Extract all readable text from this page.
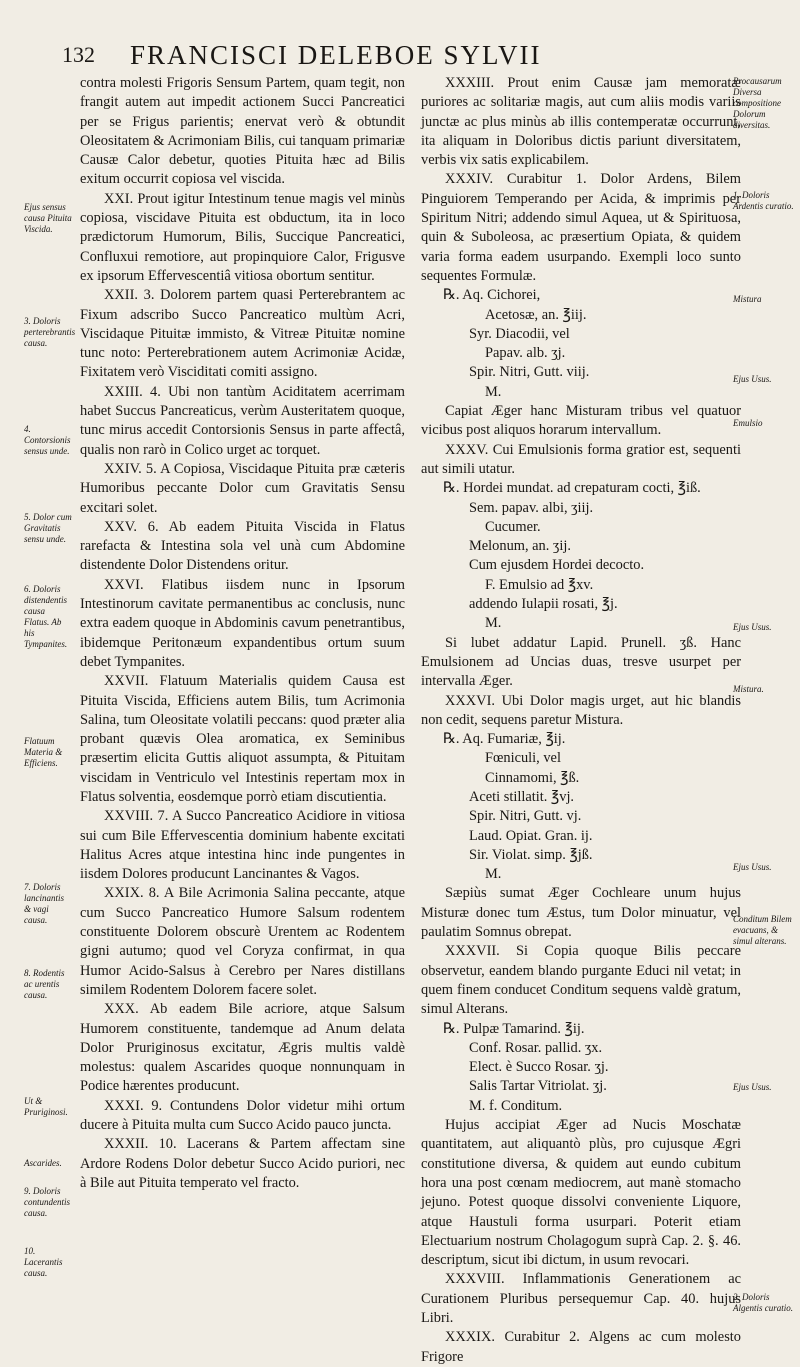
132 FRANCISCI DELEBOE SYLVII

contra molesti Frigoris Sensum Partem, quam tegit, non frangit autem aut impedit actionem Succi Pancreatici per se Frigus parientis; enervat verò & obtundit Oleositatem & Acrimoniam Bilis, cui tanquam primariæ Causæ Calor debetur, quoties Pituita hæc ad Bilis exitum occurrit copiosa vel viscida.

XXI. Prout igitur Intestinum tenue magis vel minùs copiosa, viscidave Pituita est obductum, ita in loco prædictorum Humorum, Bilis, Succique Pancreatici, Confluxui remotiore, aut propinquiore Calor, Frigusve ex ipsorum Effervescentiâ vitiosa obortum sentitur.

XXII. 3. Dolorem partem quasi Perterebrantem ac Fixum adscribo Succo Pancreatico multùm Acri, Viscidaque Pituitæ immisto, & Vitreæ Pituitæ nomine tunc noto: Perterebrationem autem Acrimoniæ Acidæ, Fixitatem verò Visciditati comiti assigno.

XXIII. 4. Ubi non tantùm Aciditatem acerrimam habet Succus Pancreaticus, verùm Austeritatem quoque, tunc mirus accedit Contorsionis Sensus in parte affectâ, qualis non rarò in Colico urget ac torquet.

XXIV. 5. A Copiosa, Viscidaque Pituita præ cæteris Humoribus peccante Dolor cum Gravitatis Sensu excitari solet.

XXV. 6. Ab eadem Pituita Viscida in Flatus rarefacta & Intestina sola vel unà cum Abdomine distendente Dolor Distendens oritur.

XXVI. Flatibus iisdem nunc in Ipsorum Intestinorum cavitate permanentibus ac conclusis, nunc extra eadem quoque in Abdominis cavum penetrantibus, ibidemque Peritonæum expandentibus ortum suum debet Tympanites.

XXVII. Flatuum Materialis quidem Causa est Pituita Viscida, Efficiens autem Bilis, tum Acrimonia Salina, tum Oleositate volatili peccans: quod præter alia probant quævis Olea aromatica, ex Seminibus præsertim elicita Guttis aliquot assumpta, & Pituitam viscidam in Ventriculo vel Intestinis repertam mox in Flatus solventia, eosdemque porrò etiam discutientia.

XXVIII. 7. A Succo Pancreatico Acidiore in vitiosa sui cum Bile Effervescentia dominium habente excitati Halitus Acres atque intestina hinc inde pungentes in iisdem Dolores producunt Lancinantes & Vagos.

XXIX. 8. A Bile Acrimonia Salina peccante, atque cum Succo Pancreatico Humore Salsum rodentem constituente Dolorem obscurè Urentem ac Rodentem gigni autumo; quod vel Coryza confirmat, in qua Humor Acido-Salsus à Cerebro per Nares distillans similem Rodentem Dolorem facere solet.

XXX. Ab eadem Bile acriore, atque Salsum Humorem constituente, tandemque ad Anum delata Dolor Pruriginosus excitatur, Ægris multis valdè molestus: qualem Ascarides quoque nonnunquam in Podice hærentes producunt.

XXXI. 9. Contundens Dolor videtur mihi ortum ducere à Pituita multa cum Succo Acido pauco juncta.

XXXII. 10. Lacerans & Partem affectam sine Ardore Rodens Dolor debetur Succo Acido puriori, nec à Bile aut Pituita temperato vel fracto.

XXXIII. Prout enim Causæ jam memoratæ puriores ac solitariæ magis, aut cum aliis modis variis junctæ ac plus minùs ab illis contemperatæ occurrunt, ita aliquam in Doloribus dictis pariunt diversitatem, verbis vix satis explicabilem.

XXXIV. Curabitur 1. Dolor Ardens, Bilem Pinguiorem Temperando per Acida, & imprimis per Spiritum Nitri; addendo simul Aquea, ut & Spirituosa, quin & Suboleosa, ac præsertium Opiata, & quidem varia forma eadem usurpando. Exempli loco sunto sequentes Formulæ.

℞. Aq. Cichorei,
Acetosæ, an. ℥iij.
Syr. Diacodii, vel
Papav. alb. ʒj.
Spir. Nitri, Gutt. viij.
M.

Capiat Æger hanc Misturam tribus vel quatuor vicibus post aliquos horarum intervallum.

XXXV. Cui Emulsionis forma gratior est, sequenti aut simili utatur.

℞. Hordei mundat. ad crepaturam cocti, ℥iß.
Sem. papav. albi, ʒiij.
Cucumer.
Melonum, an. ʒij.
Cum ejusdem Hordei decocto.
F. Emulsio ad ℥xv.
addendo Iulapii rosati, ℥j.
M.

Si lubet addatur Lapid. Prunell. ʒß. Hanc Emulsionem ad Uncias duas, tresve usurpet per intervalla Æger.

XXXVI. Ubi Dolor magis urget, aut hic blandis non cedit, sequens paretur Mistura.

℞. Aq. Fumariæ, ℥ij.
Fœniculi, vel
Cinnamomi, ℥ß.
Aceti stillatit. ℥vj.
Spir. Nitri, Gutt. vj.
Laud. Opiat. Gran. ij.
Sir. Violat. simp. ℥jß.
M.

Sæpiùs sumat Æger Cochleare unum hujus Misturæ donec tum Æstus, tum Dolor minuatur, vel paulatim Somnus obrepat.

XXXVII. Si Copia quoque Bilis peccare observetur, eandem blando purgante Educi nil vetat; in quem finem conducet Conditum sequens valdè gratum, simul Alterans.

℞. Pulpæ Tamarind. ℥ij.
Conf. Rosar. pallid. ʒx.
Elect. è Succo Rosar. ʒj.
Salis Tartar Vitriolat. ʒj.
M. f. Conditum.

Hujus accipiat Æger ad Nucis Moschatæ quantitatem, aut aliquantò plùs, pro cujusque Ægri constitutione diversa, & quidem aut eundo cubitum hora una post cœnam mediocrem, aut manè stomacho jejuno. Potest quoque dissolvi conveniente Liquore, atque Haustuli forma usurpari. Poterit etiam Electuarium nostrum Cholagogum suprà Cap. 2. §. 46. descriptum, sicut ibi dictum, in usum revocari.

XXXVIII. Inflammationis Generationem ac Curationem Pluribus persequemur Cap. 40. hujus Libri.

XXXIX. Curabitur 2. Algens ac cum molesto Frigore

Ejus sensus causa Pituita Viscida.
3. Doloris perterebrantis causa.
4. Contorsionis sensus unde.
5. Dolor cum Gravitatis sensu unde.
6. Doloris distendentis causa Flatus. Ab his Tympanites.
Flatuum Materia & Efficiens.
7. Doloris lancinantis & vagi causa.
8. Rodentis ac urentis causa.
Ut & Pruriginosi.
Ascarides.
9. Doloris contundentis causa.
10. Lacerantis causa.
Procausarum Diversa compositione Dolorum diversitas.
1. Doloris Ardentis curatio.
Mistura
Ejus Usus.
Emulsio
Ejus Usus.
Mistura.
Ejus Usus.
Conditum Bilem evacuans, & simul alterans.
Ejus Usus.
2. Doloris Algentis curatio.
